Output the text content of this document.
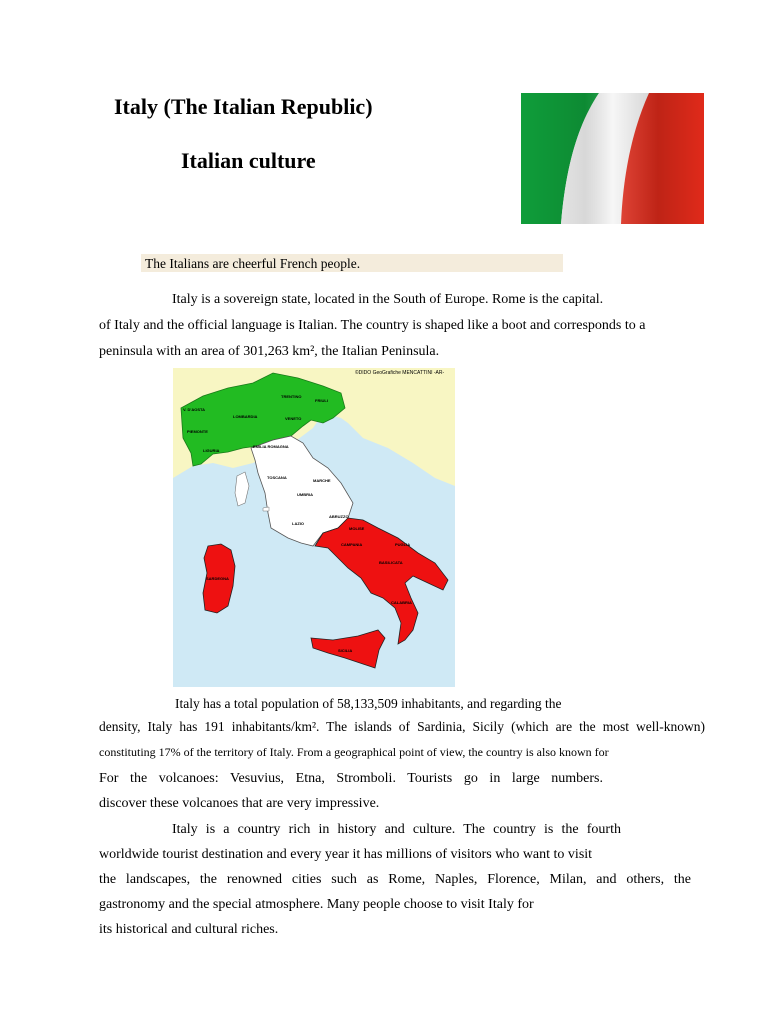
Italy (The Italian Republic)
Italian culture
The Italians are cheerful French people.
Italy is a sovereign state, located in the South of Europe. Rome is the capital.
of Italy and the official language is Italian. The country is shaped like a boot and corresponds to a
peninsula with an area of 301,263 km², the Italian Peninsula.
V. D'AOSTA
PIEMONTE
LOMBARDIA
TRENTINO
FRIULI
VENETO
EMILIA ROMAGNA
LIGURIA
TOSCANA
MARCHE
UMBRIA
LAZIO
ABRUZZO
MOLISE
CAMPANIA	PUGLIA
BASILICATA
CALABRIA
SICILIA
SARDEGNA
©DIDO GeoGrafiche MENCATTINI -AR-
Italy has a total population of 58,133,509 inhabitants, and regarding the
density, Italy has 191 inhabitants/km². The islands of Sardinia, Sicily (which are the most well-known)
constituting 17% of the territory of Italy. From a geographical point of view, the country is also known for
For the volcanoes: Vesuvius, Etna, Stromboli. Tourists go in large numbers.
discover these volcanoes that are very impressive.
Italy is a country rich in history and culture. The country is the fourth
worldwide tourist destination and every year it has millions of visitors who want to visit
the landscapes, the renowned cities such as Rome, Naples, Florence, Milan, and others, the
gastronomy and the special atmosphere. Many people choose to visit Italy for
its historical and cultural riches.
